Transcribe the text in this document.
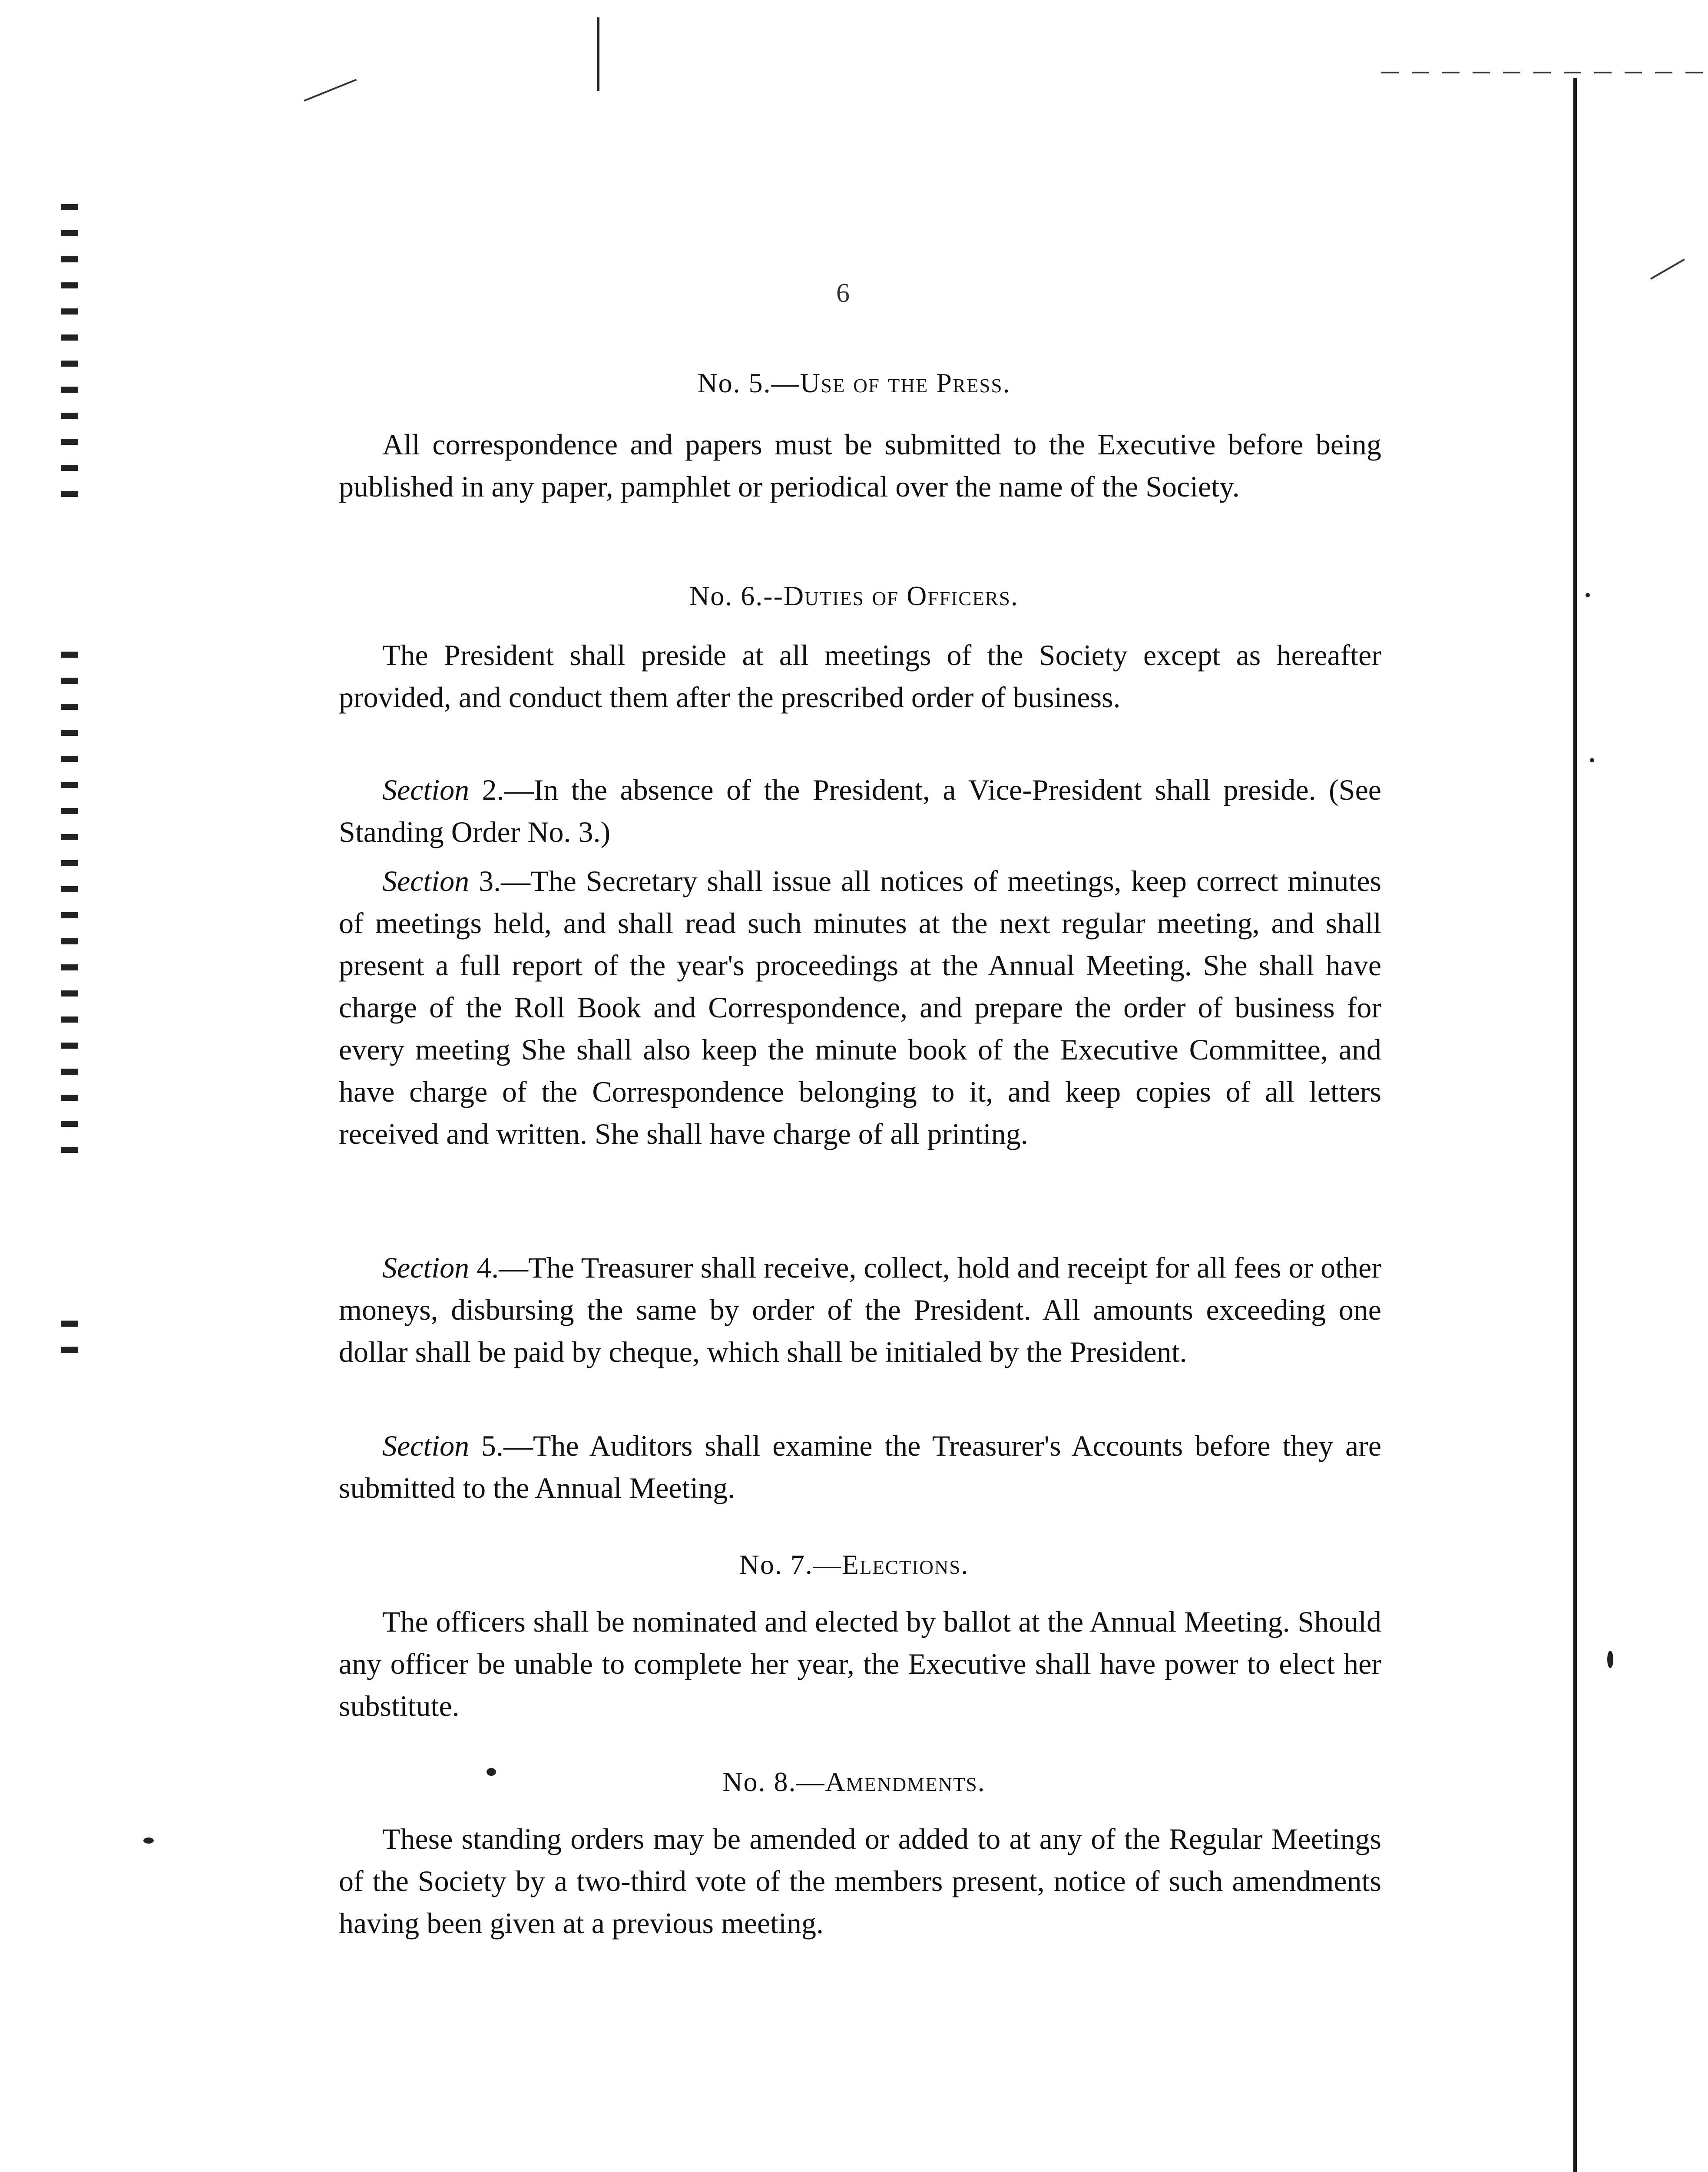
6
No. 5.—Use of the Press.
All correspondence and papers must be submitted to the Executive before being published in any paper, pamphlet or periodical over the name of the Society.
No. 6.--Duties of Officers.
The President shall preside at all meetings of the Society except as hereafter provided, and conduct them after the prescribed order of business.
Section 2.—In the absence of the President, a Vice-President shall preside. (See Standing Order No. 3.)
Section 3.—The Secretary shall issue all notices of meetings, keep correct minutes of meetings held, and shall read such minutes at the next regular meeting, and shall present a full report of the year's proceedings at the Annual Meeting. She shall have charge of the Roll Book and Correspondence, and prepare the order of business for every meeting She shall also keep the minute book of the Executive Committee, and have charge of the Correspondence belonging to it, and keep copies of all letters received and written. She shall have charge of all printing.
Section 4.—The Treasurer shall receive, collect, hold and receipt for all fees or other moneys, disbursing the same by order of the President. All amounts exceeding one dollar shall be paid by cheque, which shall be initialed by the President.
Section 5.—The Auditors shall examine the Treasurer's Accounts before they are submitted to the Annual Meeting.
No. 7.—Elections.
The officers shall be nominated and elected by ballot at the Annual Meeting. Should any officer be unable to complete her year, the Executive shall have power to elect her substitute.
No. 8.—Amendments.
These standing orders may be amended or added to at any of the Regular Meetings of the Society by a two-third vote of the members present, notice of such amendments having been given at a previous meeting.
